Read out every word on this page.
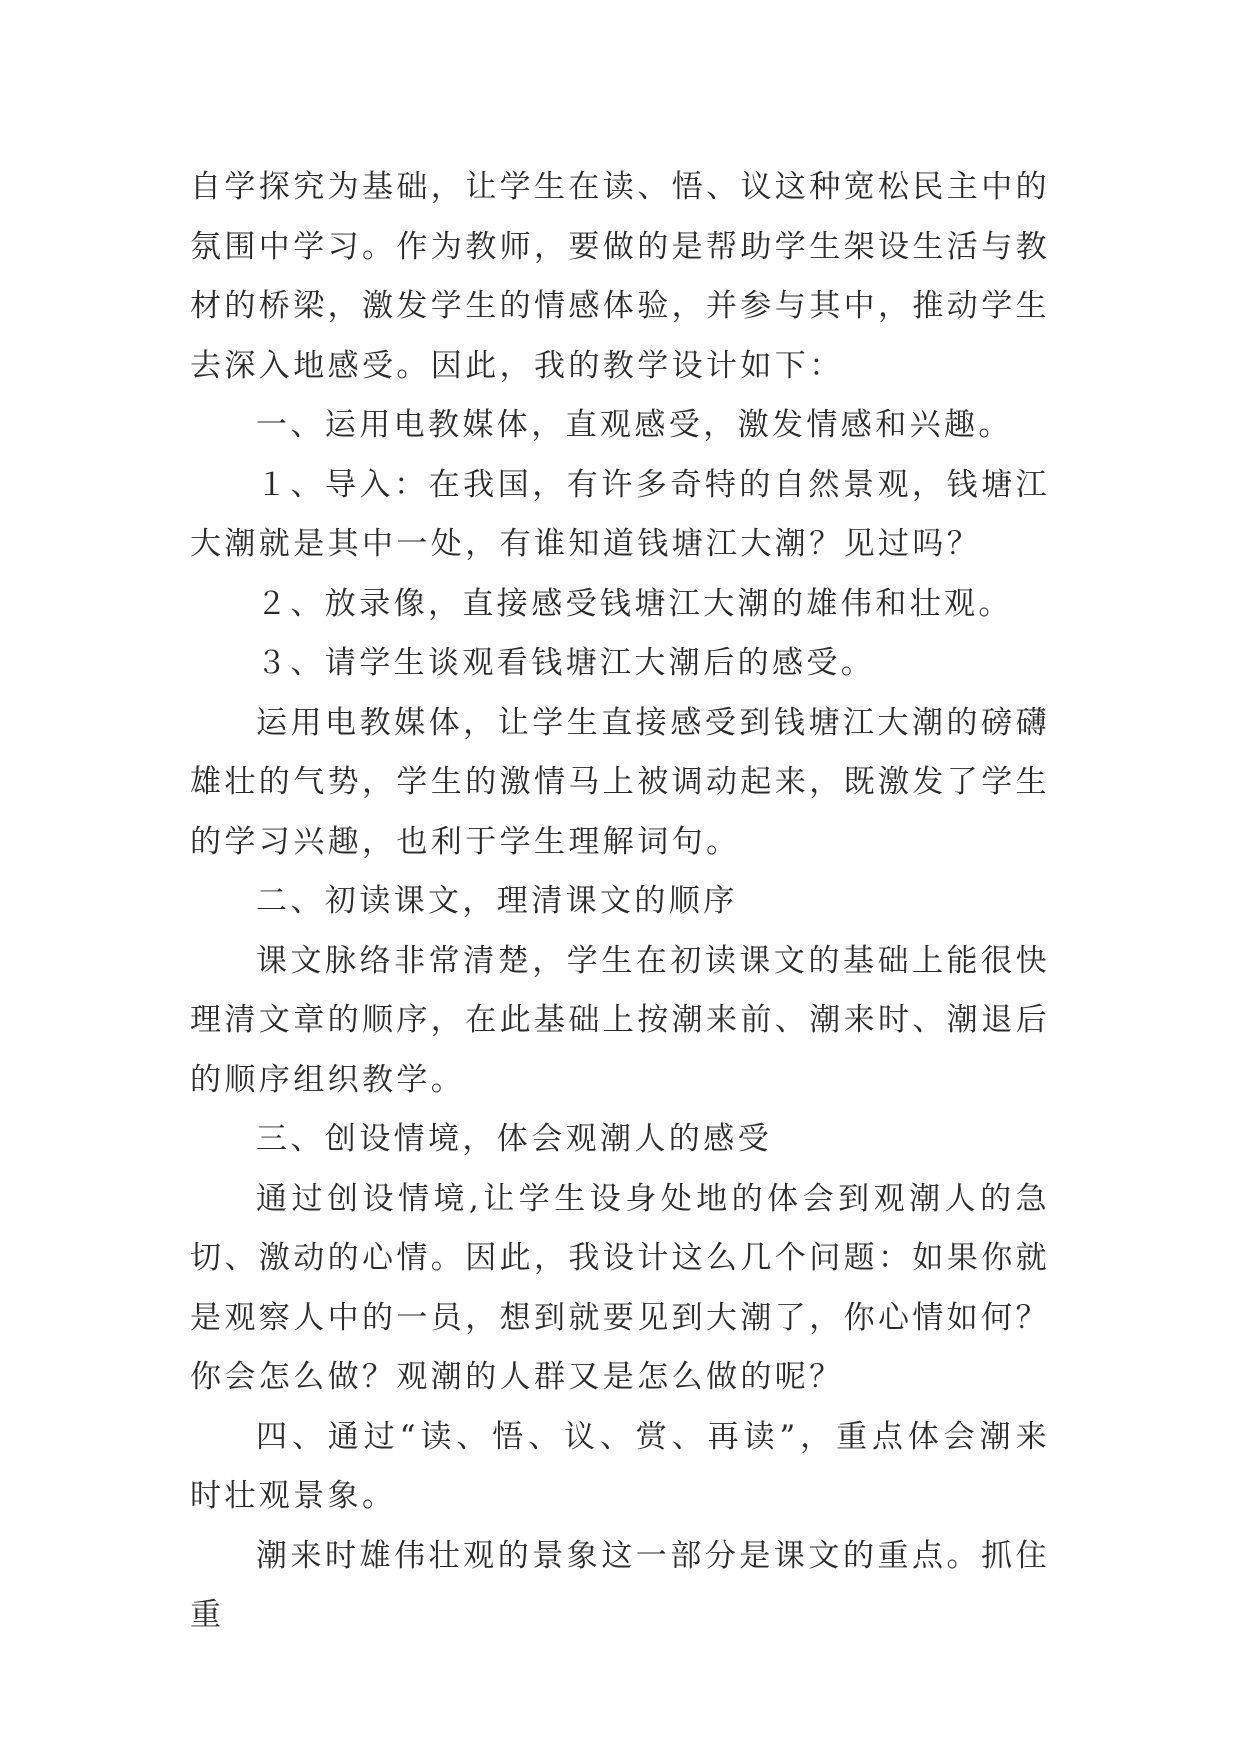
自学探究为基础，让学生在读、悟、议这种宽松民主中的氛围中学习。作为教师，要做的是帮助学生架设生活与教材的桥梁，激发学生的情感体验，并参与其中，推动学生去深入地感受。因此，我的教学设计如下：

一、运用电教媒体，直观感受，激发情感和兴趣。

１、导入：在我国，有许多奇特的自然景观，钱塘江大潮就是其中一处，有谁知道钱塘江大潮？见过吗？

２、放录像，直接感受钱塘江大潮的雄伟和壮观。

３、请学生谈观看钱塘江大潮后的感受。

运用电教媒体，让学生直接感受到钱塘江大潮的磅礴雄壮的气势，学生的激情马上被调动起来，既激发了学生的学习兴趣，也利于学生理解词句。

二、初读课文，理清课文的顺序

课文脉络非常清楚，学生在初读课文的基础上能很快理清文章的顺序，在此基础上按潮来前、潮来时、潮退后的顺序组织教学。

三、创设情境，体会观潮人的感受

通过创设情境,让学生设身处地的体会到观潮人的急切、激动的心情。因此，我设计这么几个问题：如果你就是观察人中的一员，想到就要见到大潮了，你心情如何？你会怎么做？观潮的人群又是怎么做的呢？

四、通过“读、悟、议、赏、再读”，重点体会潮来时壮观景象。

潮来时雄伟壮观的景象这一部分是课文的重点。抓住重
